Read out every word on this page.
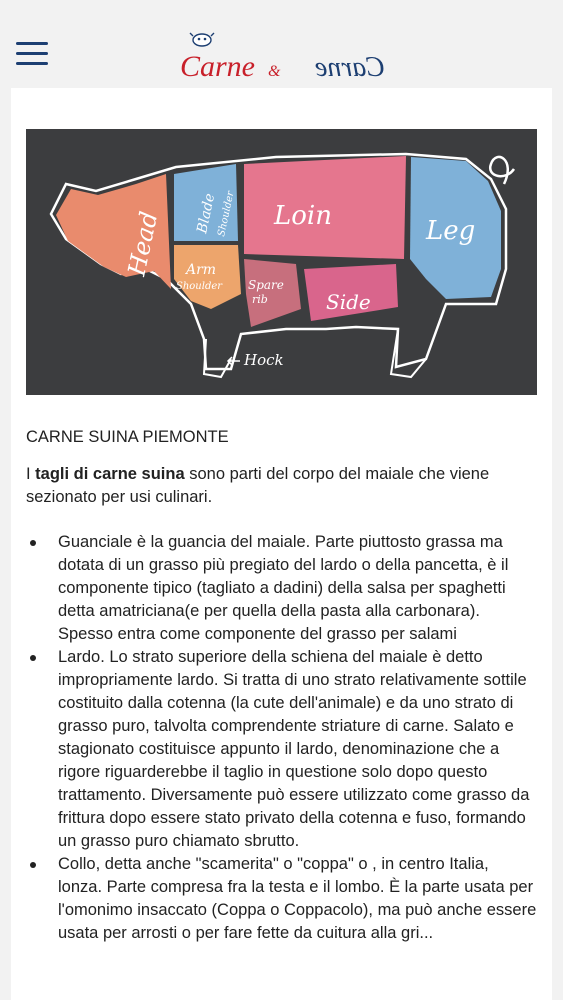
Carne & Carne
Head Blade
Shoulder
Arm
Shoulder
Loin	Leg
Spare
rib	Side
Hock
CARNE SUINA PIEMONTE

I tagli di carne suina sono parti del corpo del maiale che viene sezionato per usi culinari.

Guanciale è la guancia del maiale. Parte piuttosto grassa ma dotata di un grasso più pregiato del lardo o della pancetta, è il componente tipico (tagliato a dadini) della salsa per spaghetti detta amatriciana(e per quella della pasta alla carbonara). Spesso entra come componente del grasso per salami
Lardo. Lo strato superiore della schiena del maiale è detto impropriamente lardo. Si tratta di uno strato relativamente sottile costituito dalla cotenna (la cute dell'animale) e da uno strato di grasso puro, talvolta comprendente striature di carne. Salato e stagionato costituisce appunto il lardo, denominazione che a rigore riguarderebbe il taglio in questione solo dopo questo trattamento. Diversamente può essere utilizzato come grasso da frittura dopo essere stato privato della cotenna e fuso, formando un grasso puro chiamato sbrutto.
Collo, detta anche "scamerita" o "coppa" o , in centro Italia, lonza. Parte compresa fra la testa e il lombo. È la parte usata per l'omonimo insaccato (Coppa o Coppacolo), ma può anche essere usata per arrosti o per fare fette da cuitura alla gri...
